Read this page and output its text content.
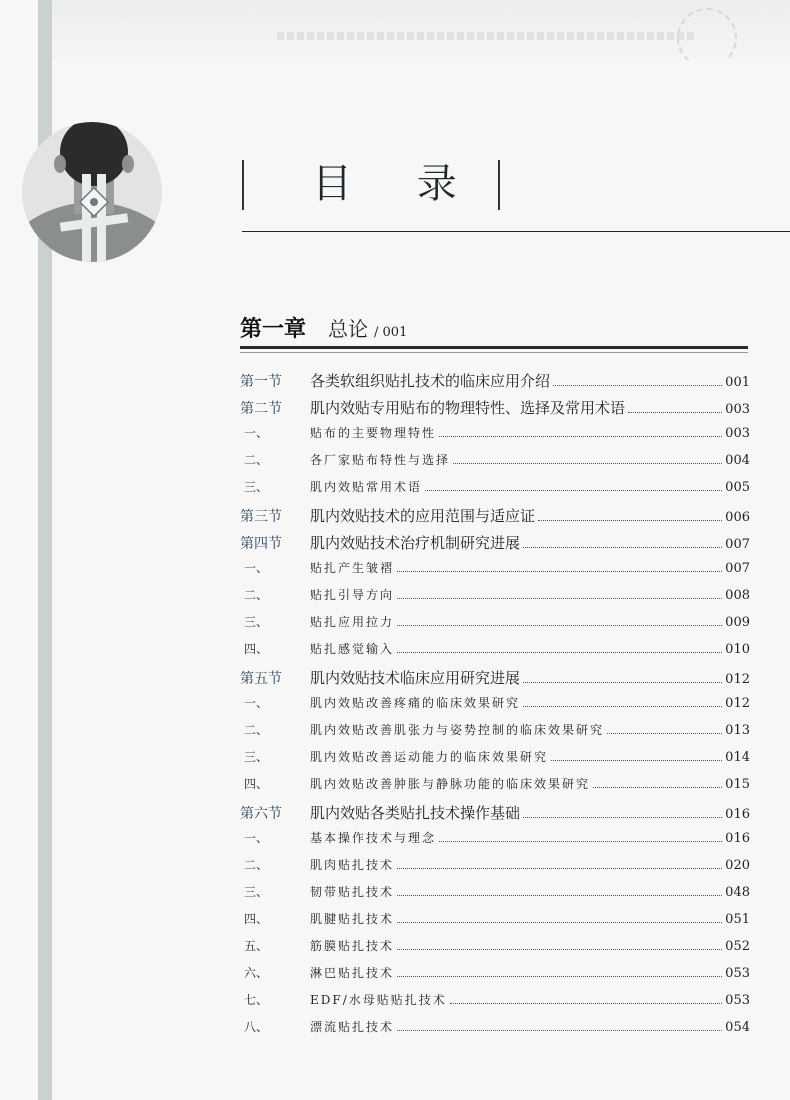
目 录
第一章 总论 / 001
第一节	各类软组织贴扎技术的临床应用介绍	001
第二节	肌内效贴专用贴布的物理特性、选择及常用术语	003
一、	贴布的主要物理特性	003
二、	各厂家贴布特性与选择	004
三、	肌内效贴常用术语	005
第三节	肌内效贴技术的应用范围与适应证	006
第四节	肌内效贴技术治疗机制研究进展	007
一、	贴扎产生皱褶	007
二、	贴扎引导方向	008
三、	贴扎应用拉力	009
四、	贴扎感觉输入	010
第五节	肌内效贴技术临床应用研究进展	012
一、	肌内效贴改善疼痛的临床效果研究	012
二、	肌内效贴改善肌张力与姿势控制的临床效果研究	013
三、	肌内效贴改善运动能力的临床效果研究	014
四、	肌内效贴改善肿胀与静脉功能的临床效果研究	015
第六节	肌内效贴各类贴扎技术操作基础	016
一、	基本操作技术与理念	016
二、	肌肉贴扎技术	020
三、	韧带贴扎技术	048
四、	肌腱贴扎技术	051
五、	筋膜贴扎技术	052
六、	淋巴贴扎技术	053
七、	EDF/水母贴贴扎技术	053
八、	漂流贴扎技术	054
